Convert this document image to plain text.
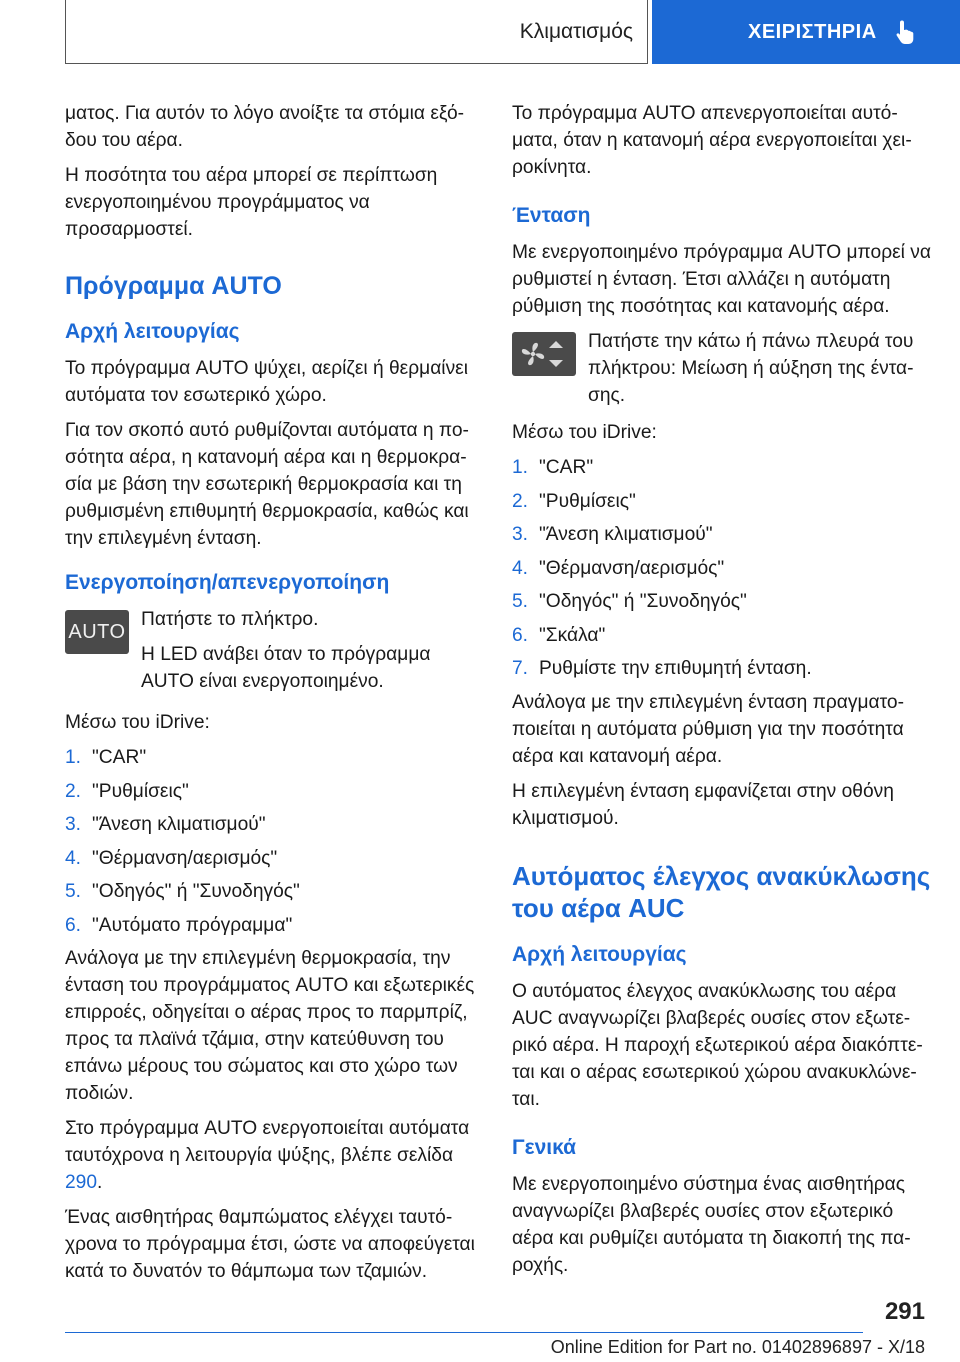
Κλιματισμός	ΧΕΙΡΙΣΤΗΡΙΑ

ματος. Για αυτόν το λόγο ανοίξτε τα στόμια εξόδου του αέρα.

Η ποσότητα του αέρα μπορεί σε περίπτωση ενεργοποιημένου προγράμματος να προσαρμοστεί.

Πρόγραμμα AUTO
Αρχή λειτουργίας

Το πρόγραμμα AUTO ψύχει, αερίζει ή θερμαίνει αυτόματα τον εσωτερικό χώρο.

Για τον σκοπό αυτό ρυθμίζονται αυτόματα η ποσότητα αέρα, η κατανομή αέρα και η θερμοκρασία με βάση την εσωτερική θερμοκρασία και τη ρυθμισμένη επιθυμητή θερμοκρασία, καθώς και την επιλεγμένη ένταση.

Ενεργοποίηση/απενεργοποίηση
AUTO

Πατήστε το πλήκτρο.

Η LED ανάβει όταν το πρόγραμμα AUTO είναι ενεργοποιημένο.

Μέσω του iDrive:

1. "CAR"
2. "Ρυθμίσεις"
3. "Άνεση κλιματισμού"
4. "Θέρμανση/αερισμός"
5. "Οδηγός" ή "Συνοδηγός"
6. "Αυτόματο πρόγραμμα"

Ανάλογα με την επιλεγμένη θερμοκρασία, την ένταση του προγράμματος AUTO και εξωτερικές επιρροές, οδηγείται ο αέρας προς το παρμπρίζ, προς τα πλαϊνά τζάμια, στην κατεύθυνση του επάνω μέρους του σώματος και στο χώρο των ποδιών.

Στο πρόγραμμα AUTO ενεργοποιείται αυτόματα ταυτόχρονα η λειτουργία ψύξης, βλέπε σελίδα 290.

Ένας αισθητήρας θαμπώματος ελέγχει ταυτόχρονα το πρόγραμμα έτσι, ώστε να αποφεύγεται κατά το δυνατόν το θάμπωμα των τζαμιών.

Το πρόγραμμα AUTO απενεργοποιείται αυτόματα, όταν η κατανομή αέρα ενεργοποιείται χειροκίνητα.

Ένταση

Με ενεργοποιημένο πρόγραμμα AUTO μπορεί να ρυθμιστεί η ένταση. Έτσι αλλάζει η αυτόματη ρύθμιση της ποσότητας και κατανομής αέρα.

Πατήστε την κάτω ή πάνω πλευρά του πλήκτρου: Μείωση ή αύξηση της έντασης.

Μέσω του iDrive:

1. "CAR"
2. "Ρυθμίσεις"
3. "Άνεση κλιματισμού"
4. "Θέρμανση/αερισμός"
5. "Οδηγός" ή "Συνοδηγός"
6. "Σκάλα"
7. Ρυθμίστε την επιθυμητή ένταση.

Ανάλογα με την επιλεγμένη ένταση πραγματοποιείται η αυτόματα ρύθμιση για την ποσότητα αέρα και κατανομή αέρα.

Η επιλεγμένη ένταση εμφανίζεται στην οθόνη κλιματισμού.

Αυτόματος έλεγχος ανακύκλωσης του αέρα AUC
Αρχή λειτουργίας

Ο αυτόματος έλεγχος ανακύκλωσης του αέρα AUC αναγνωρίζει βλαβερές ουσίες στον εξωτερικό αέρα. Η παροχή εξωτερικού αέρα διακόπτεται και ο αέρας εσωτερικού χώρου ανακυκλώνεται.

Γενικά

Με ενεργοποιημένο σύστημα ένας αισθητήρας αναγνωρίζει βλαβερές ουσίες στον εξωτερικό αέρα και ρυθμίζει αυτόματα τη διακοπή της παροχής.

291
Online Edition for Part no. 01402896897 - X/18
